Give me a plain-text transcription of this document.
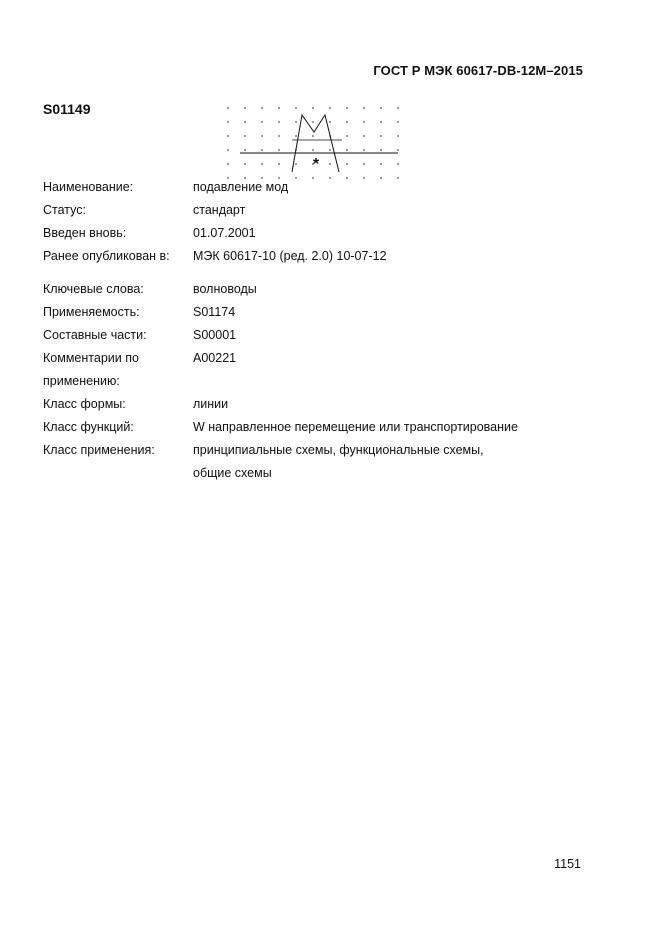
ГОСТ Р МЭК 60617-DB-12M–2015
S01149
*
Наименование:	подавление мод
Статус:	стандарт
Введен вновь:	01.07.2001
Ранее опубликован в:	МЭК 60617-10 (ред. 2.0) 10-07-12
Ключевые слова:	волноводы
Применяемость:	S01174
Составные части:	S00001
Комментарии по	A00221
применению:
Класс формы:	линии
Класс функций:	W направленное перемещение или транспортирование
Класс применения:	принципиальные схемы, функциональные схемы,
общие схемы
1151
